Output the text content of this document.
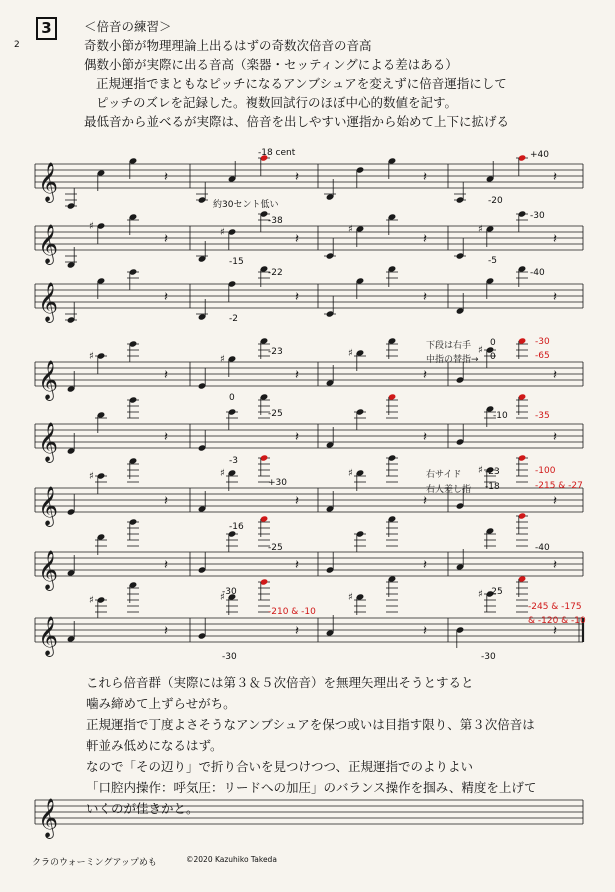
2
3	＜倍音の練習＞
奇数小節が物理理論上出るはずの奇数次倍音の音高
偶数小節が実際に出る音高（楽器・セッティングによる差はある）
正規運指でまともなピッチになるアンブシュアを変えずに倍音運指にして
ピッチのズレを記録した。複数回試行のほぼ中心的数値を記す。
最低音から並べるが実際は、倍音を出しやすい運指から始めて上下に拡げる
𝄞	𝄽	𝄽	𝄽	𝄽
𝄞	♯
𝄽	♯	𝄽
♯
𝄽
♯
𝄽
𝄞	𝄽	𝄽	𝄽	𝄽
𝄞
♯
𝄽
♯
𝄽
♯
𝄽
♯
𝄽
𝄞	𝄽	𝄽	𝄽	𝄽
𝄞
♯
𝄽
♯
𝄽
♯
𝄽
♯
𝄽
𝄞	𝄽	𝄽	𝄽	𝄽
𝄞
♯
𝄽
♯
𝄽
♯
𝄽
♯
𝄽
𝄞
-18 cent
約30セント低い
+40
-20
-38
-15
-30
-5
-22
-2
-40
-23
0
下段は右手
中指の替指→
0
0
-30
-65
-25
-3
-10	-35
+30
-16
右サイド
右人差し指
-23
-18
-100
-215 & -27
-25
-30
-40
-25
-210 & -10
-30
-245 & -175
& -120 & -10
-30
これら倍音群（実際には第３＆５次倍音）を無理矢理出そうとすると
噛み締めて上ずらせがち。
正規運指で丁度よさそうなアンブシュアを保つ或いは目指す限り、第３次倍音は
軒並み低めになるはず。
なので「その辺り」で折り合いを見つけつつ、正規運指でのよりよい
「口腔内操作：呼気圧：リードへの加圧」のバランス操作を掴み、精度を上げて
いくのが佳きかと。
クラのウォーミングアップめも	©2020 Kazuhiko Takeda
